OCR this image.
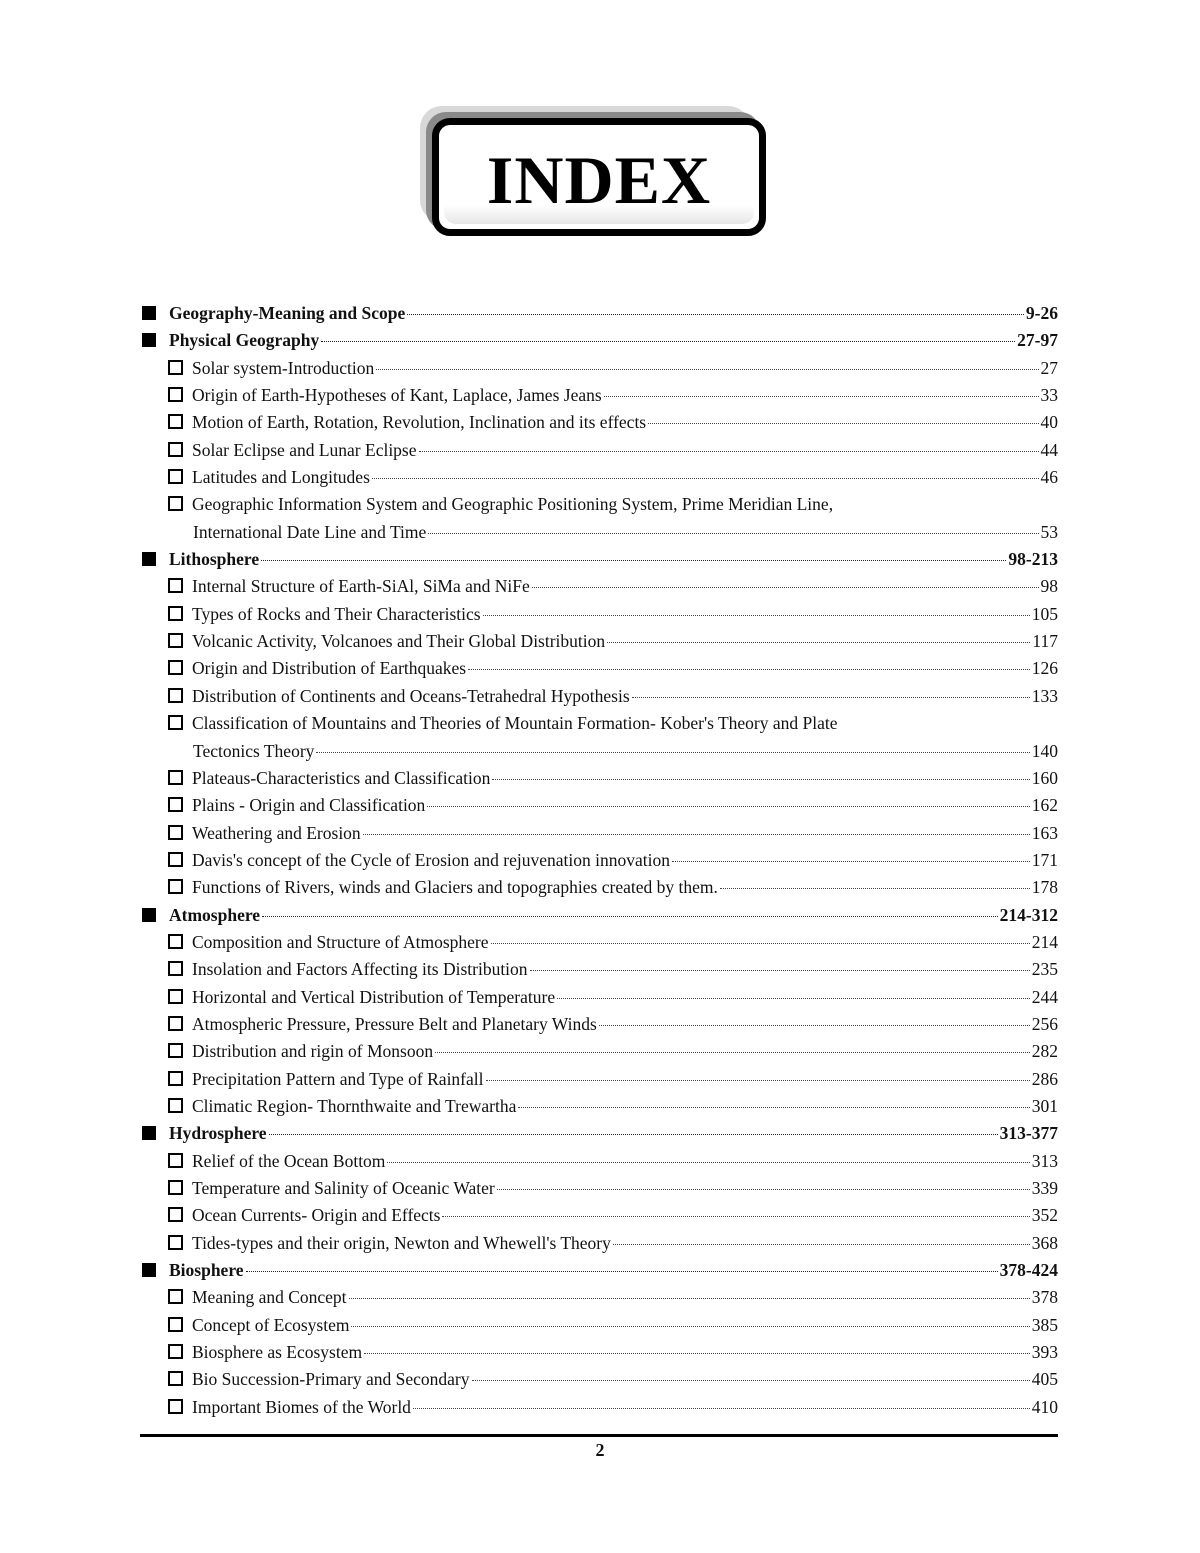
INDEX
Geography-Meaning and Scope	9-26
Physical Geography	27-97
Solar system-Introduction	27
Origin of Earth-Hypotheses of Kant, Laplace, James Jeans	33
Motion of Earth, Rotation, Revolution, Inclination and its effects	40
Solar Eclipse and Lunar Eclipse	44
Latitudes and Longitudes	46
Geographic Information System and Geographic Positioning System, Prime Meridian Line,
International Date Line and Time	53
Lithosphere	98-213
Internal Structure of Earth-SiAl, SiMa and NiFe	98
Types of Rocks and Their Characteristics	105
Volcanic Activity, Volcanoes and Their Global Distribution	117
Origin and Distribution of Earthquakes	126
Distribution of Continents and Oceans-Tetrahedral Hypothesis	133
Classification of Mountains and Theories of Mountain Formation- Kober's Theory and Plate
Tectonics Theory	140
Plateaus-Characteristics and Classification	160
Plains - Origin and Classification	162
Weathering and Erosion	163
Davis's concept of the Cycle of Erosion and rejuvenation innovation	171
Functions of Rivers, winds and Glaciers and topographies created by them.	178
Atmosphere	214-312
Composition and Structure of Atmosphere	214
Insolation and Factors Affecting its Distribution	235
Horizontal and Vertical Distribution of Temperature	244
Atmospheric Pressure, Pressure Belt and Planetary Winds	256
Distribution and rigin of Monsoon	282
Precipitation Pattern and Type of Rainfall	286
Climatic Region- Thornthwaite and Trewartha	301
Hydrosphere	313-377
Relief of the Ocean Bottom	313
Temperature and Salinity of Oceanic Water	339
Ocean Currents- Origin and Effects	352
Tides-types and their origin, Newton and Whewell's Theory	368
Biosphere	378-424
Meaning and Concept	378
Concept of Ecosystem	385
Biosphere as Ecosystem	393
Bio Succession-Primary and Secondary	405
Important Biomes of the World	410
2
